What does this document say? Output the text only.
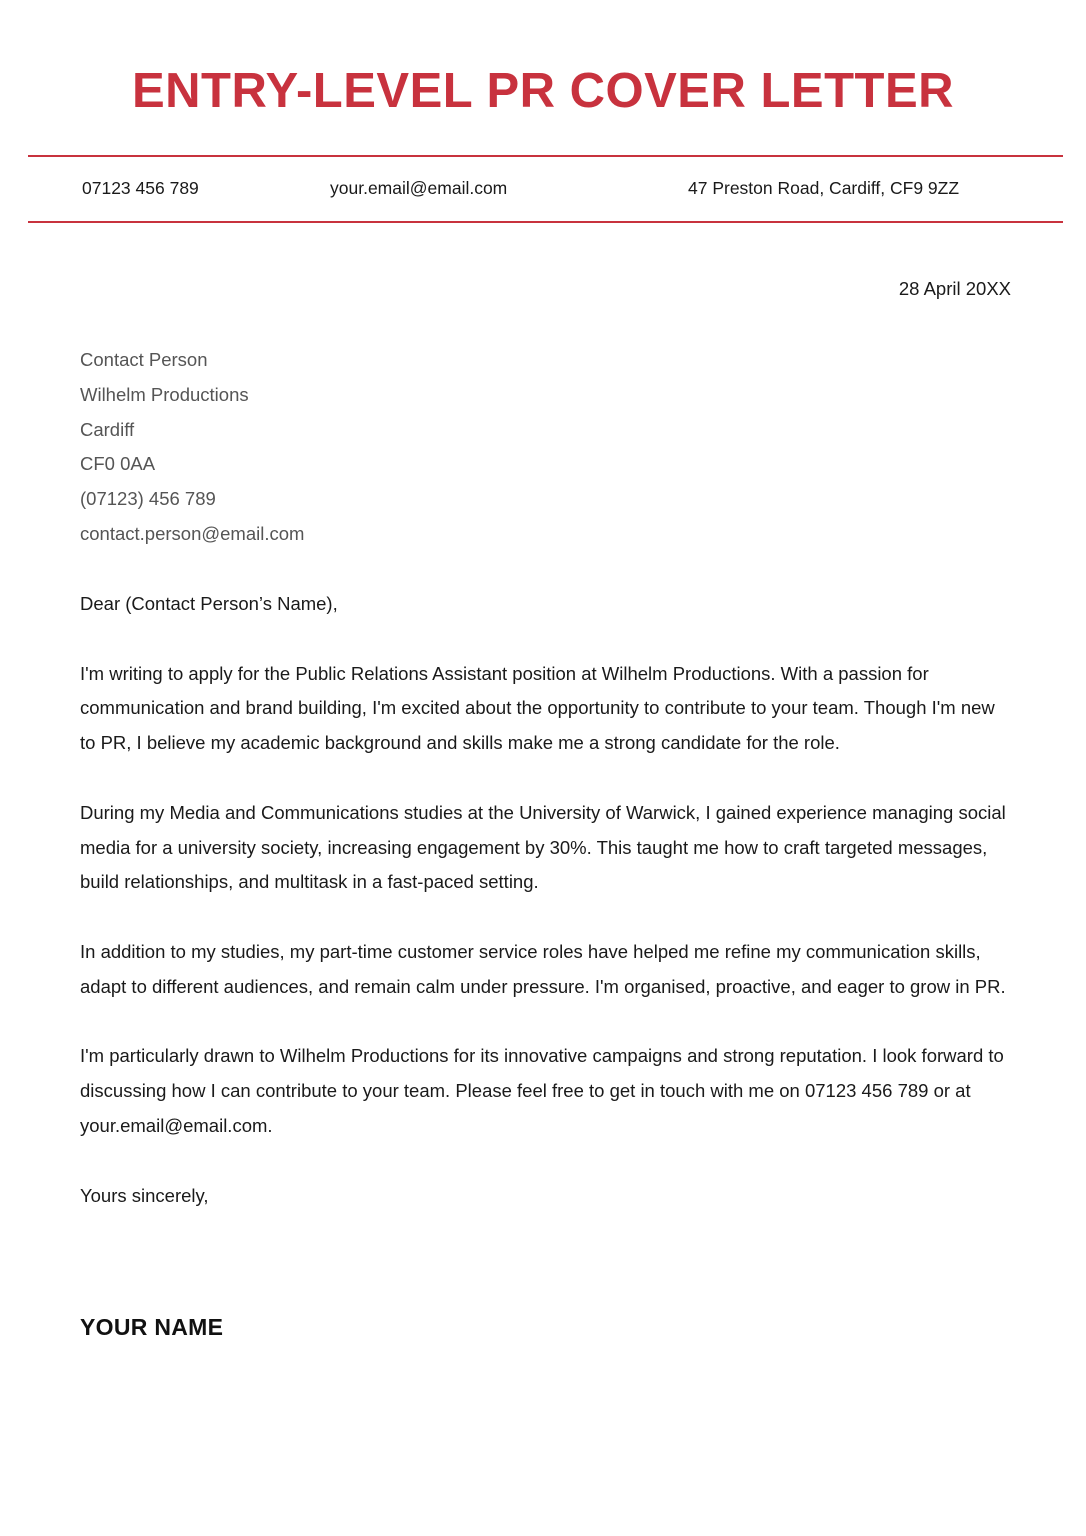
ENTRY-LEVEL PR COVER LETTER
07123 456 789	your.email@email.com	47 Preston Road, Cardiff, CF9 9ZZ
28 April 20XX
Contact Person
Wilhelm Productions
Cardiff
CF0 0AA
(07123) 456 789
contact.person@email.com

Dear (Contact Person’s Name),

I'm writing to apply for the Public Relations Assistant position at Wilhelm Productions. With a passion for communication and brand building, I'm excited about the opportunity to contribute to your team. Though I'm new to PR, I believe my academic background and skills make me a strong candidate for the role.

During my Media and Communications studies at the University of Warwick, I gained experience managing social media for a university society, increasing engagement by 30%. This taught me how to craft targeted messages, build relationships, and multitask in a fast-paced setting.

In addition to my studies, my part-time customer service roles have helped me refine my communication skills, adapt to different audiences, and remain calm under pressure. I'm organised, proactive, and eager to grow in PR.

I'm particularly drawn to Wilhelm Productions for its innovative campaigns and strong reputation. I look forward to discussing how I can contribute to your team. Please feel free to get in touch with me on 07123 456 789 or at your.email@email.com.

Yours sincerely,

YOUR NAME
